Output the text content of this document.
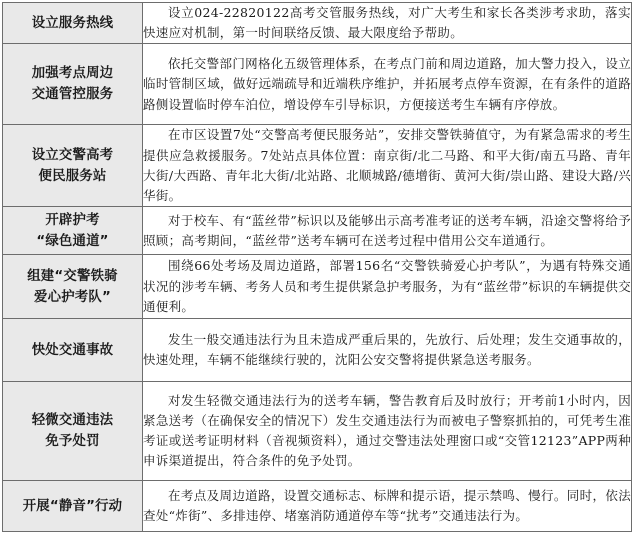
设立服务热线	设立024-22820122高考交管服务热线，对广大考生和家长各类涉考求助，落实快速应对机制，第一时间联络反馈、最大限度给予帮助。

加强考点周边
交通管控服务	依托交警部门网格化五级管理体系，在考点门前和周边道路，加大警力投入，设立临时管制区域，做好远端疏导和近端秩序维护，并拓展考点停车资源，在有条件的道路路侧设置临时停车泊位，增设停车引导标识，方便接送考生车辆有序停放。

设立交警高考
便民服务站	在市区设置7处“交警高考便民服务站”，安排交警铁骑值守，为有紧急需求的考生提供应急救援服务。7处站点具体位置：南京街/北二马路、和平大街/南五马路、青年大街/大西路、青年北大街/北站路、北顺城路/德增街、黄河大街/崇山路、建设大路/兴华街。

开辟护考
“绿色通道”	对于校车、有“蓝丝带”标识以及能够出示高考准考证的送考车辆，沿途交警将给予照顾；高考期间，“蓝丝带”送考车辆可在送考过程中借用公交车道通行。

组建“交警铁骑
爱心护考队”	围绕66处考场及周边道路，部署156名“交警铁骑爱心护考队”，为遇有特殊交通状况的涉考车辆、考务人员和考生提供紧急护考服务，为有“蓝丝带”标识的车辆提供交通便利。

快处交通事故	发生一般交通违法行为且未造成严重后果的，先放行、后处理；发生交通事故的，快速处理，车辆不能继续行驶的，沈阳公安交警将提供紧急送考服务。

轻微交通违法
免予处罚	对发生轻微交通违法行为的送考车辆，警告教育后及时放行；开考前1小时内，因紧急送考（在确保安全的情况下）发生交通违法行为而被电子警察抓拍的，可凭考生准考证或送考证明材料（音视频资料），通过交警违法处理窗口或“交管12123”APP两种申诉渠道提出，符合条件的免予处罚。

开展“静音”行动	在考点及周边道路，设置交通标志、标牌和提示语，提示禁鸣、慢行。同时，依法查处“炸街”、多排违停、堵塞消防通道停车等“扰考”交通违法行为。
